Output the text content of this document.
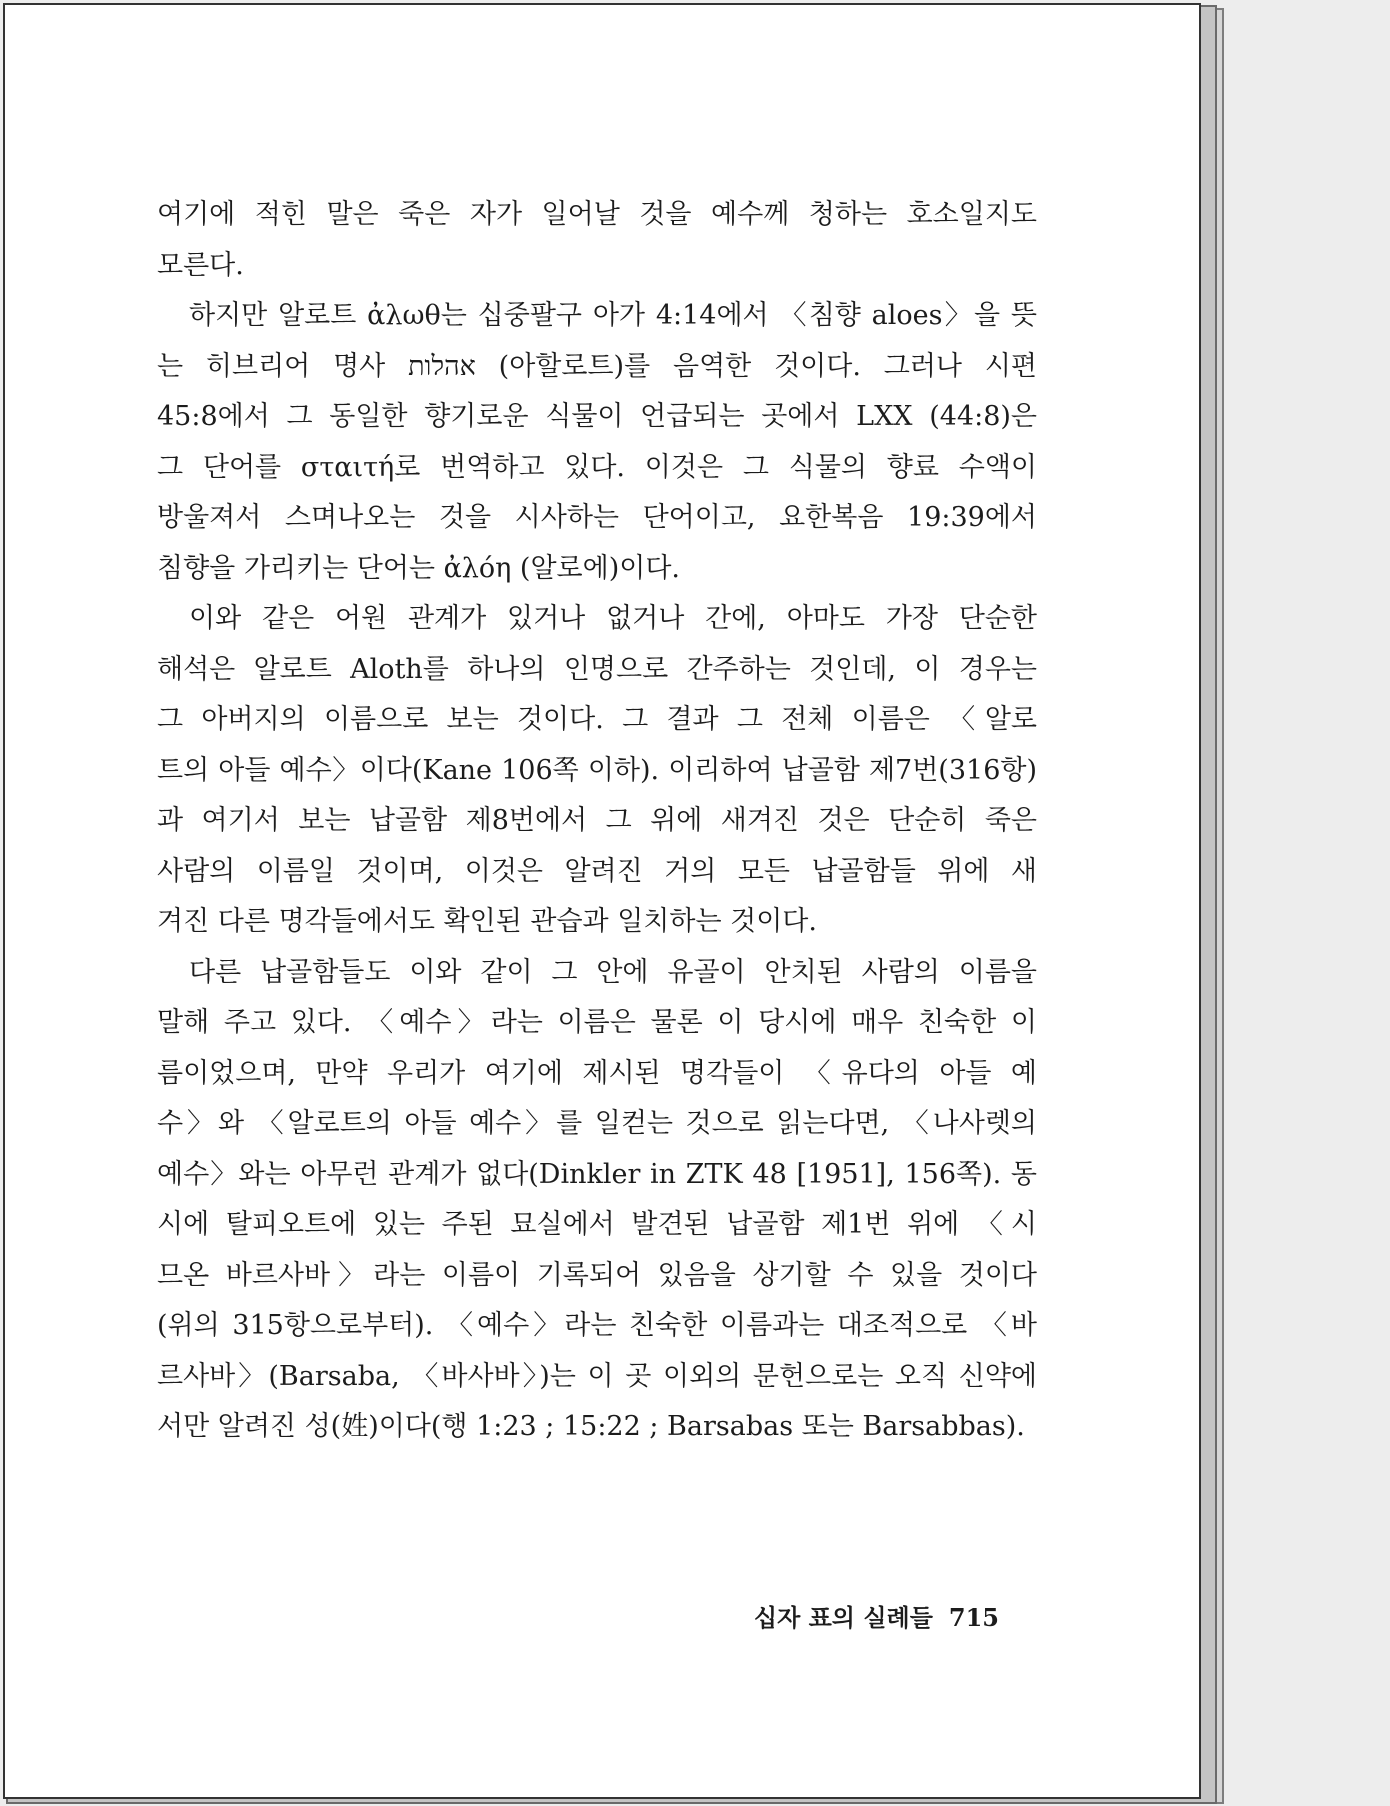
여기에 적힌 말은 죽은 자가 일어날 것을 예수께 청하는 호소일지도
모른다.
하지만 알로트 ἀλωθ는 십중팔구 아가 4:14에서 〈침향 aloes〉을 뜻
는 히브리어 명사 אהלות (아할로트)를 음역한 것이다. 그러나 시편
45:8에서 그 동일한 향기로운 식물이 언급되는 곳에서 LXX (44:8)은
그 단어를 σταιτή로 번역하고 있다. 이것은 그 식물의 향료 수액이
방울져서 스며나오는 것을 시사하는 단어이고, 요한복음 19:39에서
침향을 가리키는 단어는 ἀλόη (알로에)이다.
이와 같은 어원 관계가 있거나 없거나 간에, 아마도 가장 단순한
해석은 알로트 Aloth를 하나의 인명으로 간주하는 것인데, 이 경우는
그 아버지의 이름으로 보는 것이다. 그 결과 그 전체 이름은 〈알로
트의 아들 예수〉이다(Kane 106쪽 이하). 이리하여 납골함 제7번(316항)
과 여기서 보는 납골함 제8번에서 그 위에 새겨진 것은 단순히 죽은
사람의 이름일 것이며, 이것은 알려진 거의 모든 납골함들 위에 새
겨진 다른 명각들에서도 확인된 관습과 일치하는 것이다.
다른 납골함들도 이와 같이 그 안에 유골이 안치된 사람의 이름을
말해 주고 있다. 〈예수〉라는 이름은 물론 이 당시에 매우 친숙한 이
름이었으며, 만약 우리가 여기에 제시된 명각들이 〈유다의 아들 예
수〉와 〈알로트의 아들 예수〉를 일컫는 것으로 읽는다면, 〈나사렛의
예수〉와는 아무런 관계가 없다(Dinkler in ZTK 48 [1951], 156쪽). 동
시에 탈피오트에 있는 주된 묘실에서 발견된 납골함 제1번 위에 〈시
므온 바르사바〉라는 이름이 기록되어 있음을 상기할 수 있을 것이다
(위의 315항으로부터). 〈예수〉라는 친숙한 이름과는 대조적으로 〈바
르사바〉(Barsaba, 〈바사바〉)는 이 곳 이외의 문헌으로는 오직 신약에
서만 알려진 성(姓)이다(행 1:23 ; 15:22 ; Barsabas 또는 Barsabbas).
십자 표의 실례들 715
